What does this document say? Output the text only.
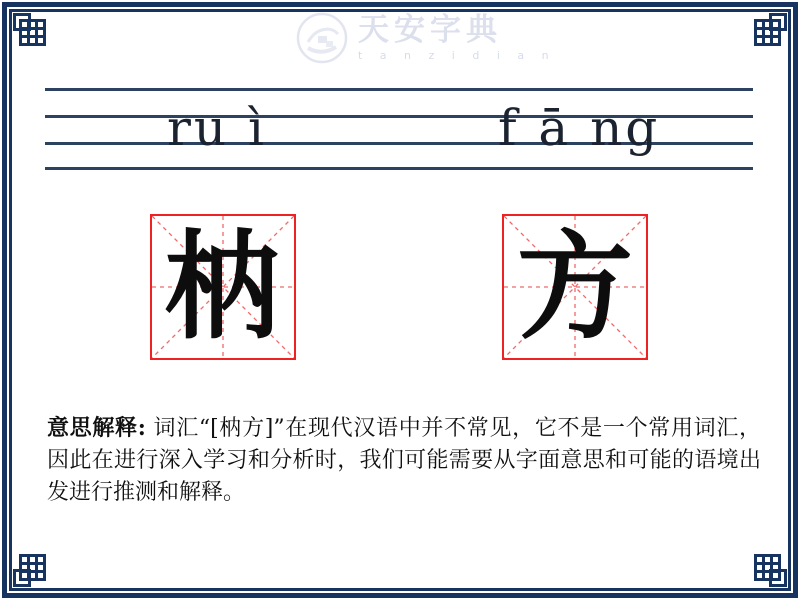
天安字典
t a n z i d i a n
ru ì	f ā ng
枘 方

意思解释: 词汇“[枘方]”在现代汉语中并不常见，它不是一个常用词汇，因此在进行深入学习和分析时，我们可能需要从字面意思和可能的语境出发进行推测和解释。
